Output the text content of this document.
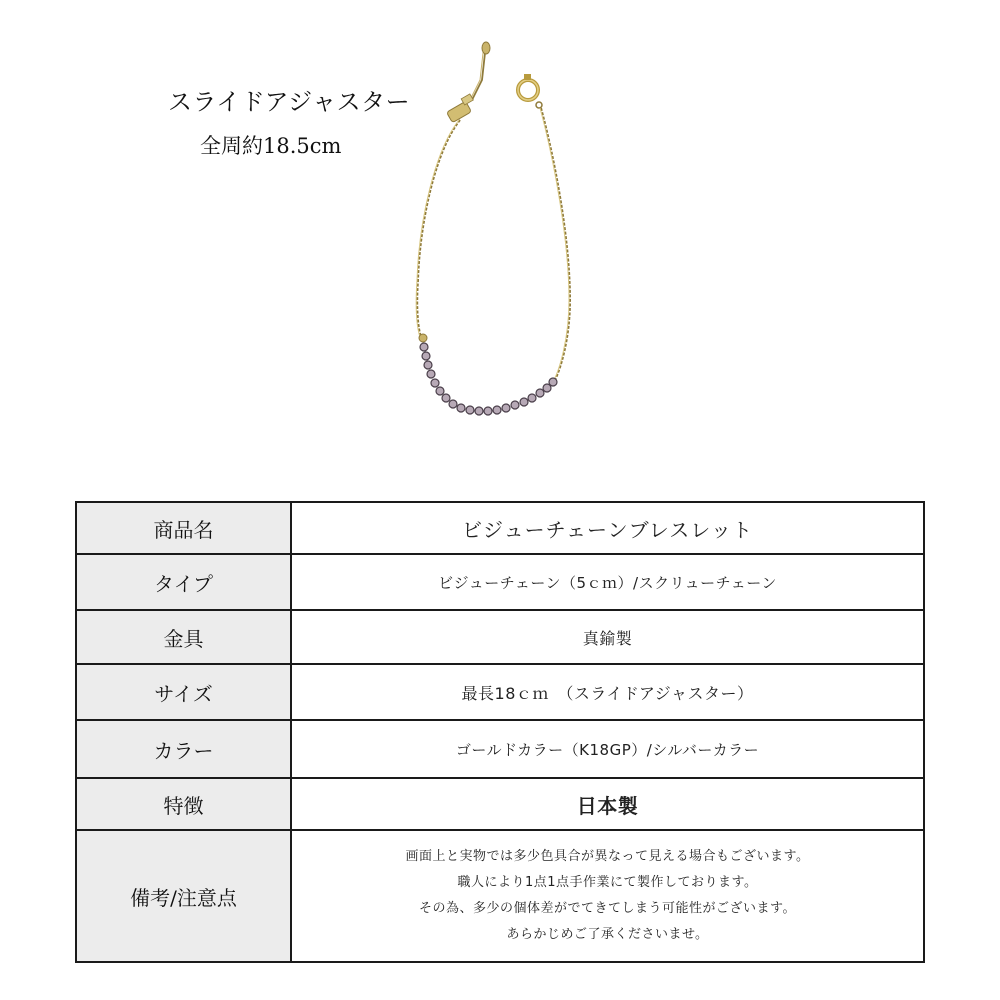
スライドアジャスター
全周約18.5cm
商品名	ビジューチェーンブレスレット
タイプ	ビジューチェーン（5ｃｍ）/スクリューチェーン
金具	真鍮製
サイズ	最長18ｃｍ　（スライドアジャスター）
カラー	ゴールドカラー（K18GP）/シルバーカラー
特徴	日本製
備考/注意点	画面上と実物では多少色具合が異なって見える場合もございます。
職人により1点1点手作業にて製作しております。
その為、多少の個体差がでてきてしまう可能性がございます。
あらかじめご了承くださいませ。
